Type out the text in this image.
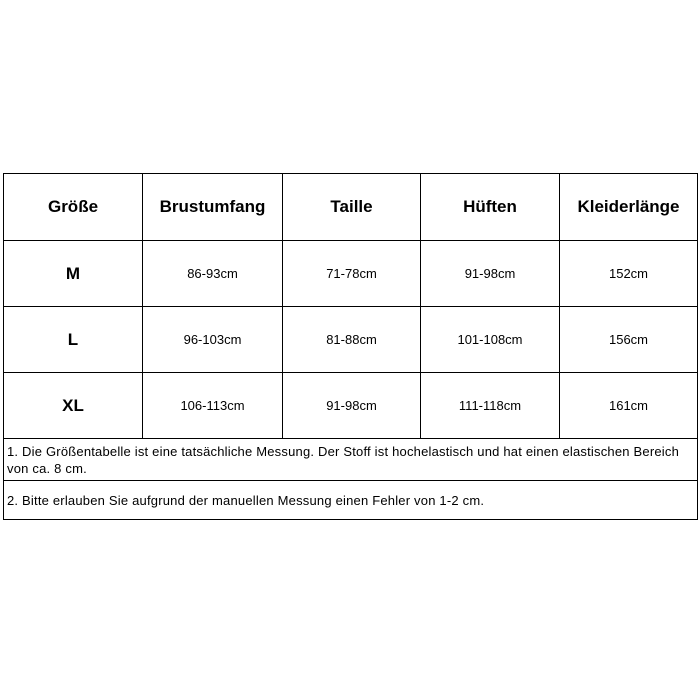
Größe	Brustumfang	Taille	Hüften	Kleiderlänge
M	86-93cm	71-78cm	91-98cm	152cm
L	96-103cm	81-88cm	101-108cm	156cm
XL	106-113cm	91-98cm	111-118cm	161cm
1. Die Größentabelle ist eine tatsächliche Messung. Der Stoff ist hochelastisch und hat einen elastischen Bereich von ca. 8 cm.				
2. Bitte erlauben Sie aufgrund der manuellen Messung einen Fehler von 1-2 cm.				
